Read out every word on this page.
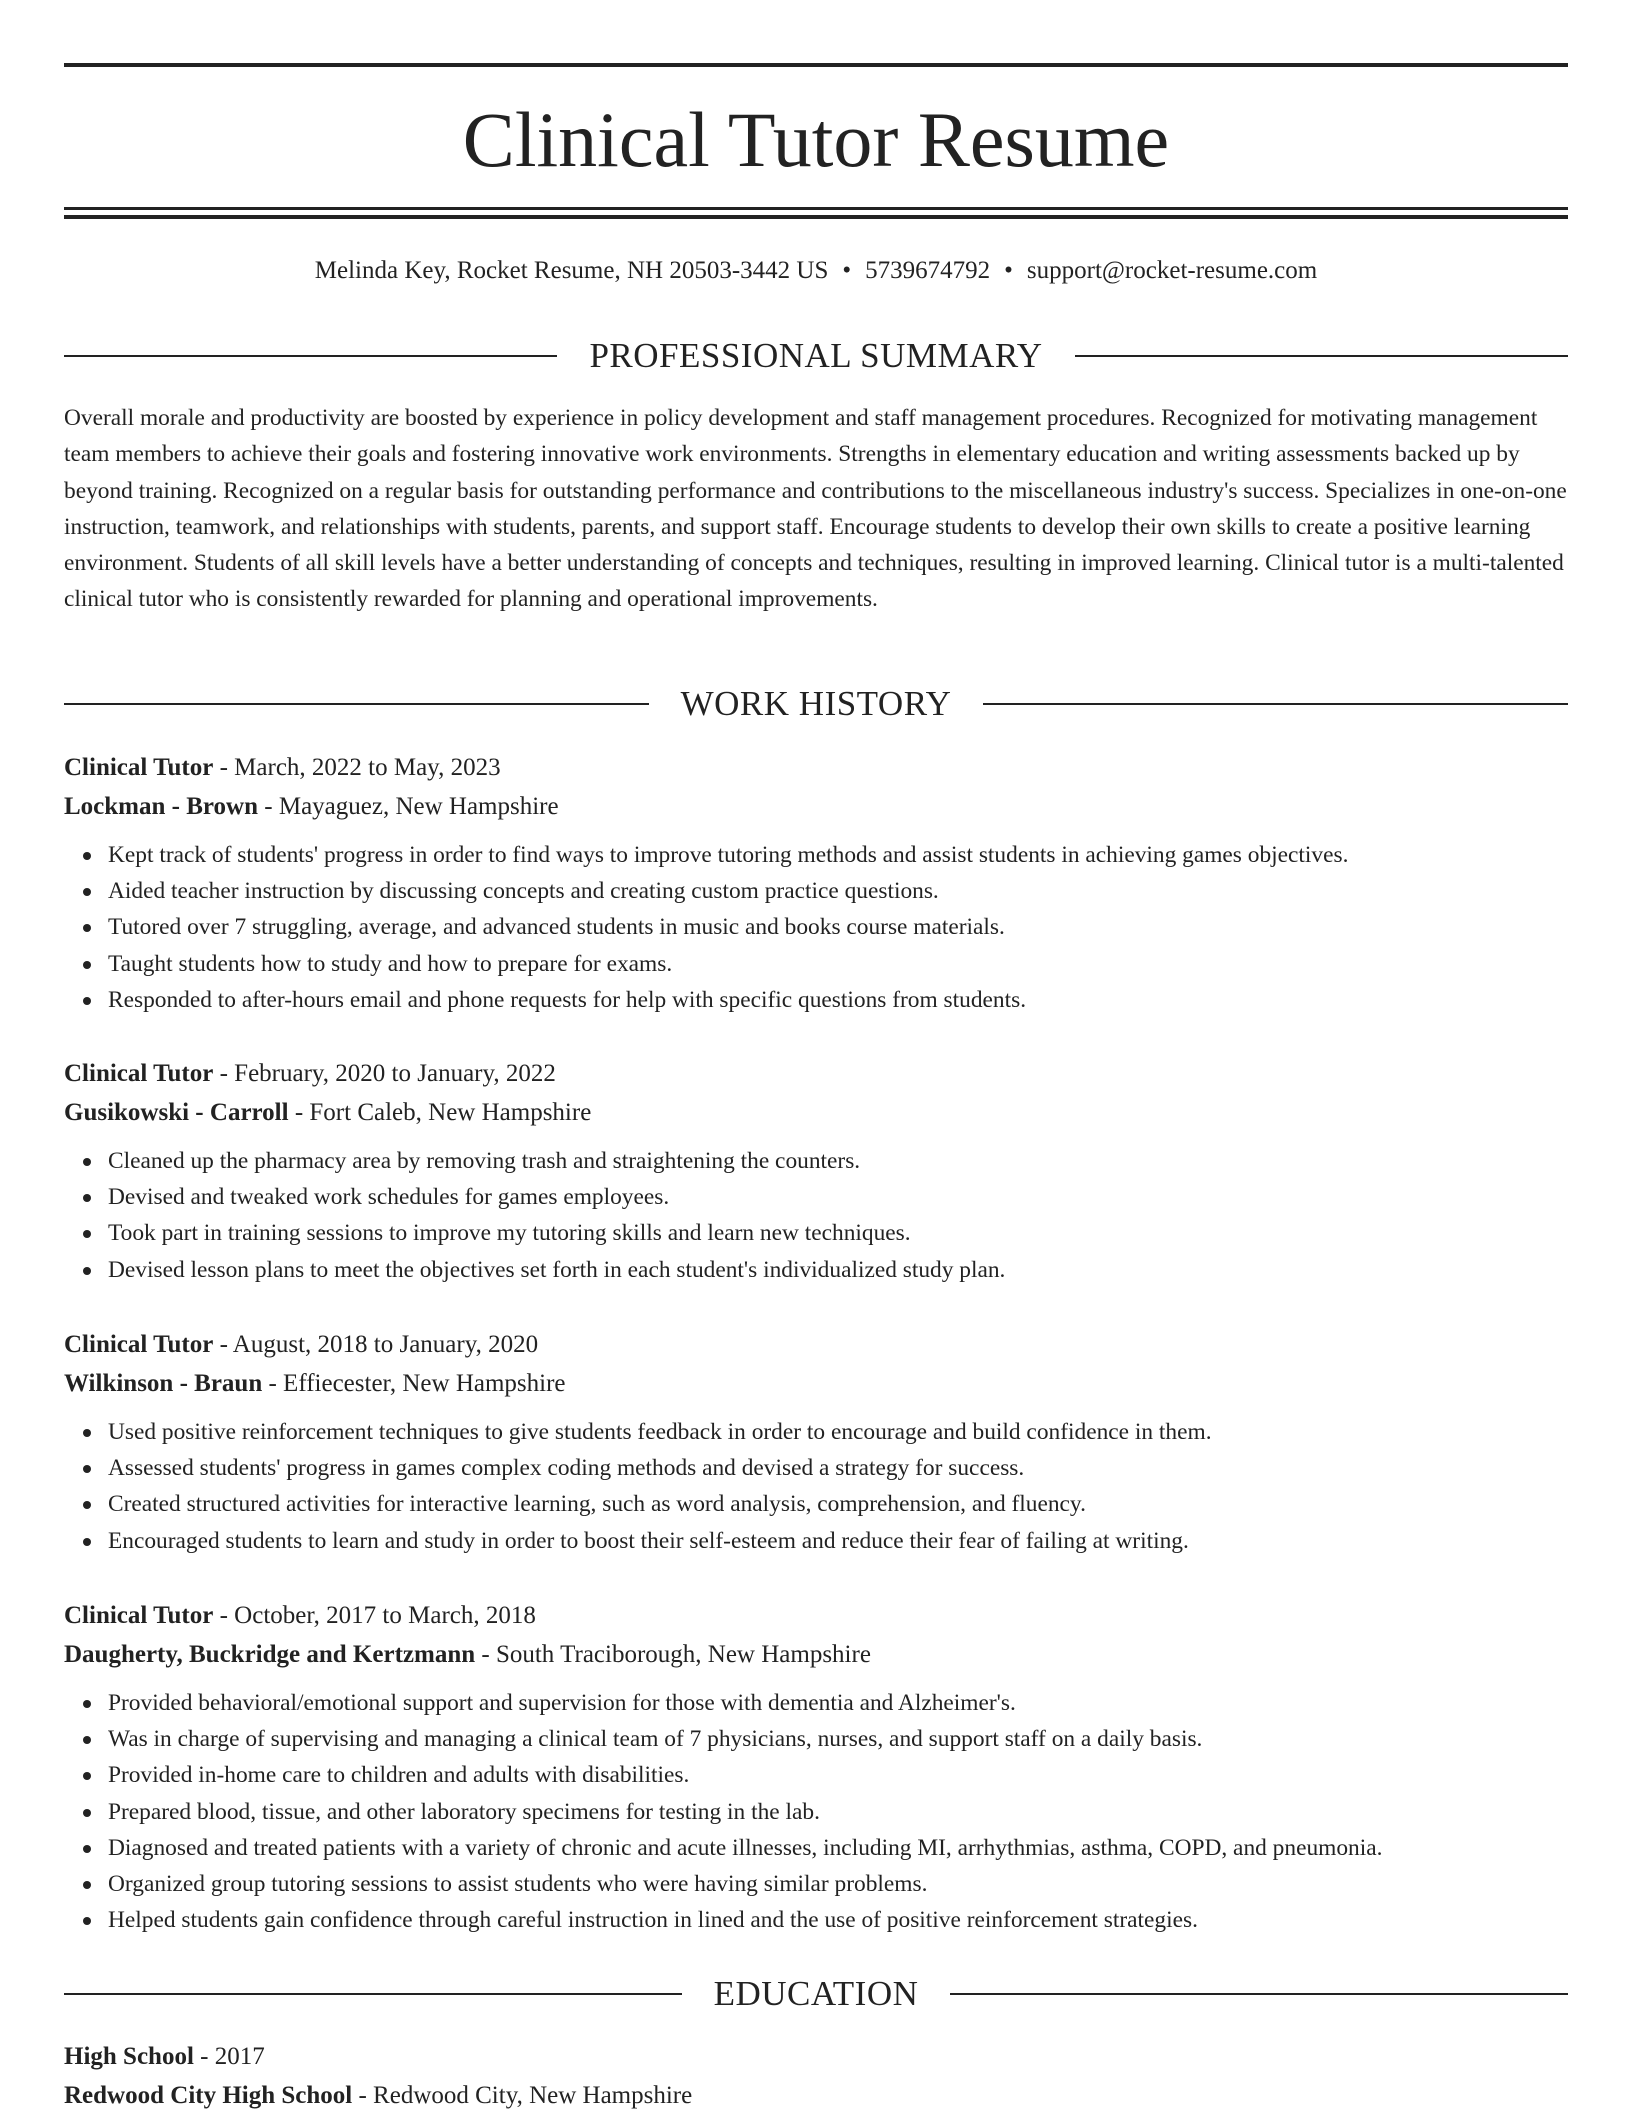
Clinical Tutor Resume
Melinda Key, Rocket Resume, NH 20503-3442 US • 5739674792 • support@rocket-resume.com
PROFESSIONAL SUMMARY

Overall morale and productivity are boosted by experience in policy development and staff management procedures. Recognized for motivating management team members to achieve their goals and fostering innovative work environments. Strengths in elementary education and writing assessments backed up by beyond training. Recognized on a regular basis for outstanding performance and contributions to the miscellaneous industry's success. Specializes in one-on-one instruction, teamwork, and relationships with students, parents, and support staff. Encourage students to develop their own skills to create a positive learning environment. Students of all skill levels have a better understanding of concepts and techniques, resulting in improved learning. Clinical tutor is a multi-talented clinical tutor who is consistently rewarded for planning and operational improvements.

WORK HISTORY
Clinical Tutor - March, 2022 to May, 2023
Lockman - Brown - Mayaguez, New Hampshire
Kept track of students' progress in order to find ways to improve tutoring methods and assist students in achieving games objectives.
Aided teacher instruction by discussing concepts and creating custom practice questions.
Tutored over 7 struggling, average, and advanced students in music and books course materials.
Taught students how to study and how to prepare for exams.
Responded to after-hours email and phone requests for help with specific questions from students.
Clinical Tutor - February, 2020 to January, 2022
Gusikowski - Carroll - Fort Caleb, New Hampshire
Cleaned up the pharmacy area by removing trash and straightening the counters.
Devised and tweaked work schedules for games employees.
Took part in training sessions to improve my tutoring skills and learn new techniques.
Devised lesson plans to meet the objectives set forth in each student's individualized study plan.
Clinical Tutor - August, 2018 to January, 2020
Wilkinson - Braun - Effiecester, New Hampshire
Used positive reinforcement techniques to give students feedback in order to encourage and build confidence in them.
Assessed students' progress in games complex coding methods and devised a strategy for success.
Created structured activities for interactive learning, such as word analysis, comprehension, and fluency.
Encouraged students to learn and study in order to boost their self-esteem and reduce their fear of failing at writing.
Clinical Tutor - October, 2017 to March, 2018
Daugherty, Buckridge and Kertzmann - South Traciborough, New Hampshire
Provided behavioral/emotional support and supervision for those with dementia and Alzheimer's.
Was in charge of supervising and managing a clinical team of 7 physicians, nurses, and support staff on a daily basis.
Provided in-home care to children and adults with disabilities.
Prepared blood, tissue, and other laboratory specimens for testing in the lab.
Diagnosed and treated patients with a variety of chronic and acute illnesses, including MI, arrhythmias, asthma, COPD, and pneumonia.
Organized group tutoring sessions to assist students who were having similar problems.
Helped students gain confidence through careful instruction in lined and the use of positive reinforcement strategies.
EDUCATION
High School - 2017
Redwood City High School - Redwood City, New Hampshire
